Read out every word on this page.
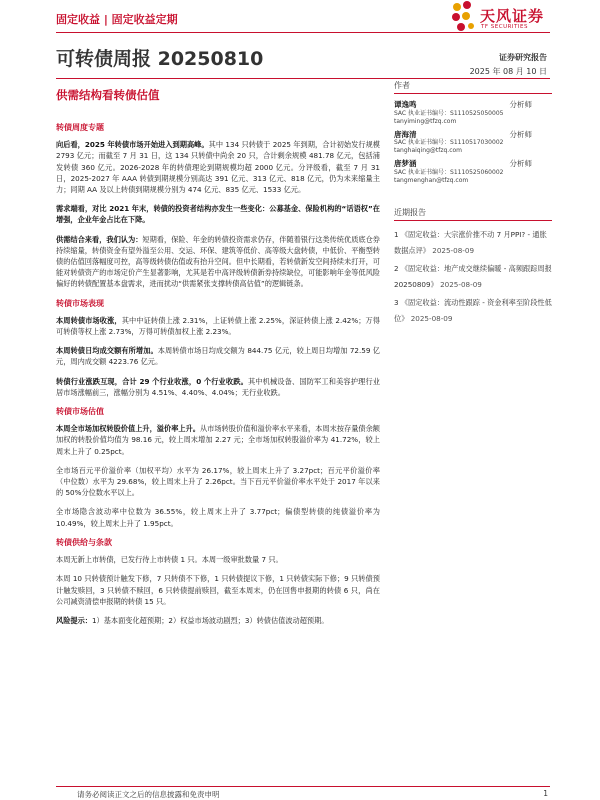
固定收益 | 固定收益定期	天风证券
TF SECURITIES
可转债周报 20250810	证券研究报告
2025 年 08 月 10 日
供需结构看转债估值
转债周度专题
向后看，2025 年转债市场开始进入到期高峰。其中 134 只转债于 2025 年到期，合计初始发行规模 2793 亿元；而截至 7 月 31 日，这 134 只转债中尚余 20 只，合计剩余规模 481.78 亿元，包括浦发转债 360 亿元。2026-2028 年的转债理论到期规模均超 2000 亿元。分评级看，截至 7 月 31 日，2025-2027 年 AAA 转债到期规模分别高达 391 亿元、313 亿元、818 亿元，仍为未来缩量主力；同期 AA 及以上转债到期规模分别为 474 亿元、835 亿元、1533 亿元。
需求端看，对比 2021 年末，转债的投资者结构亦发生一些变化：公募基金、保险机构的“话语权”在增强，企业年金占比在下降。
供需结合来看，我们认为：短期看，保险、年金的转债投资需求仍存，伴随着银行这类传统优质底仓券持续缩量，转债资金有望外溢至公用、交运、环保、建筑等低价、高等级大盘转债，中低价、平衡型转债的估值回落幅度可控，高等级转债估值或有抬升空间。但中长期看，若转债新发空间持续未打开，可能对转债资产的市场定价产生显著影响，尤其是若中高评级转债新券持续缺位，可能影响年金等低风险偏好的转债配置基本盘需求，进而扰动“供需紧张支撑转债高估值”的逻辑链条。
转债市场表现
本周转债市场收涨，其中中证转债上涨 2.31%，上证转债上涨 2.25%，深证转债上涨 2.42%；万得可转债等权上涨 2.73%，万得可转债加权上涨 2.23%。
本周转债日均成交额有所增加。本周转债市场日均成交额为 844.75 亿元，较上周日均增加 72.59 亿元，周内成交额 4223.76 亿元。
转债行业涨跌互现，合计 29 个行业收涨，0 个行业收跌。其中机械设备、国防军工和美容护理行业居市场涨幅前三，涨幅分别为 4.51%、4.40%、4.04%；无行业收跌。
转债市场估值
本周全市场加权转股价值上升，溢价率上升。从市场转股价值和溢价率水平来看，本周末按存量债余额加权的转股价值均值为 98.16 元，较上周末增加 2.27 元；全市场加权转股溢价率为 41.72%，较上周末上升了 0.25pct。
全市场百元平价溢价率（加权平均）水平为 26.17%，较上周末上升了 3.27pct；百元平价溢价率（中位数）水平为 29.68%，较上周末上升了 2.26pct。当下百元平价溢价率水平处于 2017 年以来的 50%分位数水平以上。
全市场隐含波动率中位数为 36.55%，较上周末上升了 3.77pct；偏债型转债的纯债溢价率为 10.49%，较上周末上升了 1.95pct。
转债供给与条款
本周无新上市转债，已发行待上市转债 1 只。本周一级审批数量 7 只。
本周 10 只转债预计触发下修，7 只转债不下修，1 只转债提议下修，1 只转债实际下修；9 只转债预计触发赎回，3 只转债不赎回，6 只转债提前赎回，截至本周末，仍在回售申报期的转债 6 只，尚在公司减资清偿申报期的转债 15 只。
风险提示：1）基本面变化超预期；2）权益市场波动剧烈；3）转债估值波动超预期。
作者
谭逸鸣	分析师
SAC 执业证书编号：S1110525050005
tanyiming@tfzq.com
唐海清	分析师
SAC 执业证书编号：S1110517030002
tanghaiqing@tfzq.com
唐梦涵	分析师
SAC 执业证书编号：S1110525060002
tangmenghan@tfzq.com
近期报告
1 《固定收益：大宗涨价推不动 7 月PPI? - 通胀数据点评》 2025-08-09
2 《固定收益：地产成交继续偏暖 - 高频跟踪周报 20250809》 2025-08-09
3 《固定收益：流动性跟踪 - 资金利率至阶段性低位》 2025-08-09
请务必阅读正文之后的信息披露和免责申明	1
